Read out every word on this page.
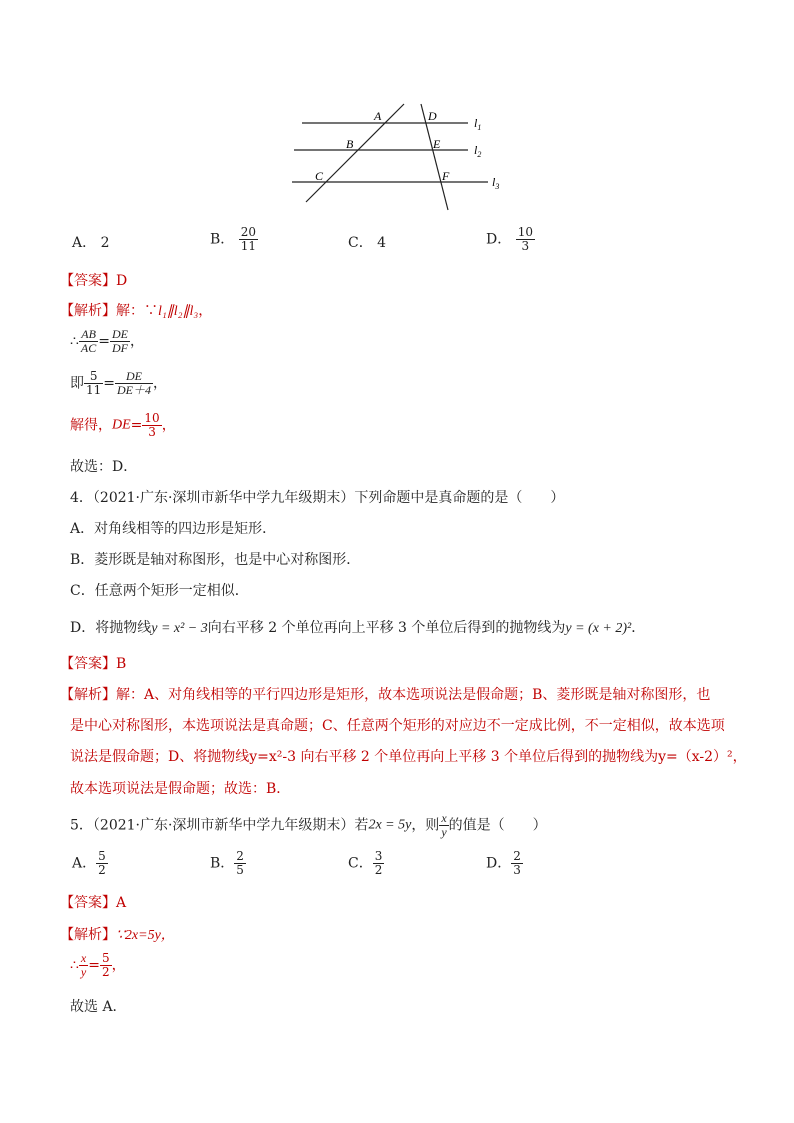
A
B
C
D
E
F
$l_1$
$l_2$
$l_3$
A． 2	B． $\frac{20}{11}$	C． 4	D． $\frac{10}{3}$
【答案】D
【解析】解：∵l₁∥l₂∥l₃，
∴ $\frac{AB}{AC} = \frac{DE}{DF}$ ，
即 $\frac{5}{11} = \frac{DE}{DE+4}$ ，
解得，$DE= \frac{10}{3}$ ，
故选：D．
4．（2021·广东·深圳市新华中学九年级期末）下列命题中是真命题的是（　　）
A．对角线相等的四边形是矩形．
B．菱形既是轴对称图形，也是中心对称图形．
C．任意两个矩形一定相似．
D．将抛物线y = x² − 3向右平移 2 个单位再向上平移 3 个单位后得到的抛物线为y = (x + 2)²．
【答案】B
【解析】解：A、对角线相等的平行四边形是矩形，故本选项说法是假命题；B、菱形既是轴对称图形，也
是中心对称图形，本选项说法是真命题；C、任意两个矩形的对应边不一定成比例，不一定相似，故本选项
说法是假命题；D、将抛物线y=x²-3 向右平移 2 个单位再向上平移 3 个单位后得到的抛物线为y=（x-2）²，
故本选项说法是假命题；故选：B．
5．（2021·广东·深圳市新华中学九年级期末）若2x = 5y，则 $\frac{x}{y}$ 的值是（　　）
A． $\frac{5}{2}$	B． $\frac{2}{5}$	C． $\frac{3}{2}$	D． $\frac{2}{3}$
【答案】A
【解析】∵2x=5y，
∴ $\frac{x}{y} = \frac{5}{2}$ ，
故选 A．
